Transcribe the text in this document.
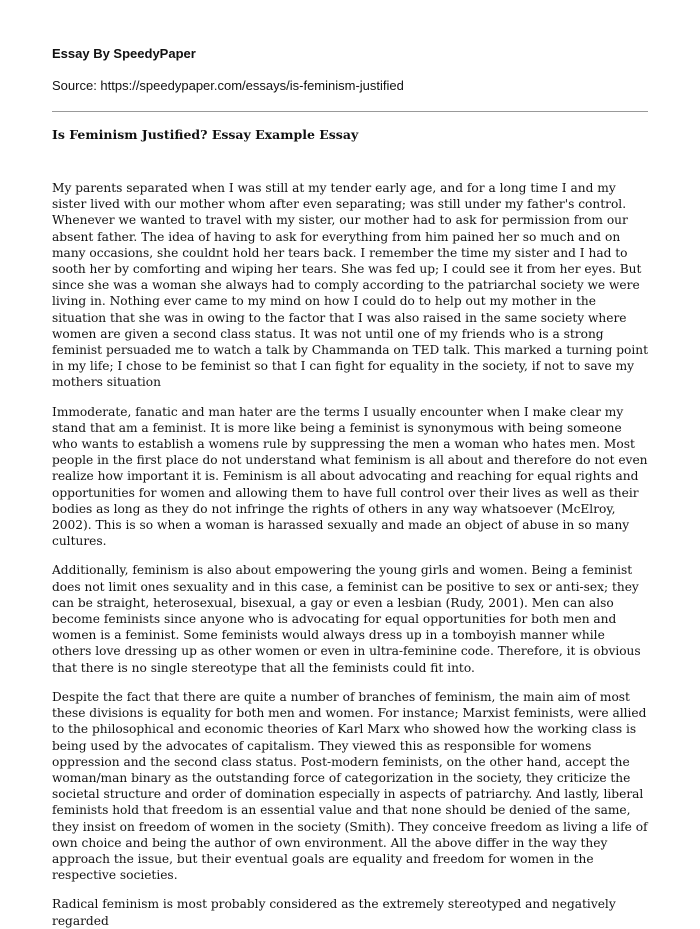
Essay By SpeedyPaper

Source: https://speedypaper.com/essays/is-feminism-justified

Is Feminism Justified? Essay Example Essay

My parents separated when I was still at my tender early age, and for a long time I and my sister lived with our mother whom after even separating; was still under my father's control. Whenever we wanted to travel with my sister, our mother had to ask for permission from our absent father. The idea of having to ask for everything from him pained her so much and on many occasions, she couldnt hold her tears back. I remember the time my sister and I had to sooth her by comforting and wiping her tears. She was fed up; I could see it from her eyes. But since she was a woman she always had to comply according to the patriarchal society we were living in. Nothing ever came to my mind on how I could do to help out my mother in the situation that she was in owing to the factor that I was also raised in the same society where women are given a second class status. It was not until one of my friends who is a strong feminist persuaded me to watch a talk by Chammanda on TED talk. This marked a turning point in my life; I chose to be feminist so that I can fight for equality in the society, if not to save my mothers situation

Immoderate, fanatic and man hater are the terms I usually encounter when I make clear my stand that am a feminist. It is more like being a feminist is synonymous with being someone who wants to establish a womens rule by suppressing the men a woman who hates men. Most people in the first place do not understand what feminism is all about and therefore do not even realize how important it is. Feminism is all about advocating and reaching for equal rights and opportunities for women and allowing them to have full control over their lives as well as their bodies as long as they do not infringe the rights of others in any way whatsoever (McElroy, 2002). This is so when a woman is harassed sexually and made an object of abuse in so many cultures.

Additionally, feminism is also about empowering the young girls and women. Being a feminist does not limit ones sexuality and in this case, a feminist can be positive to sex or anti-sex; they can be straight, heterosexual, bisexual, a gay or even a lesbian (Rudy, 2001). Men can also become feminists since anyone who is advocating for equal opportunities for both men and women is a feminist. Some feminists would always dress up in a tomboyish manner while others love dressing up as other women or even in ultra-feminine code. Therefore, it is obvious that there is no single stereotype that all the feminists could fit into.

Despite the fact that there are quite a number of branches of feminism, the main aim of most these divisions is equality for both men and women. For instance; Marxist feminists, were allied to the philosophical and economic theories of Karl Marx who showed how the working class is being used by the advocates of capitalism. They viewed this as responsible for womens oppression and the second class status. Post-modern feminists, on the other hand, accept the woman/man binary as the outstanding force of categorization in the society, they criticize the societal structure and order of domination especially in aspects of patriarchy. And lastly, liberal feminists hold that freedom is an essential value and that none should be denied of the same, they insist on freedom of women in the society (Smith). They conceive freedom as living a life of own choice and being the author of own environment. All the above differ in the way they approach the issue, but their eventual goals are equality and freedom for women in the respective societies.

Radical feminism is most probably considered as the extremely stereotyped and negatively regarded
